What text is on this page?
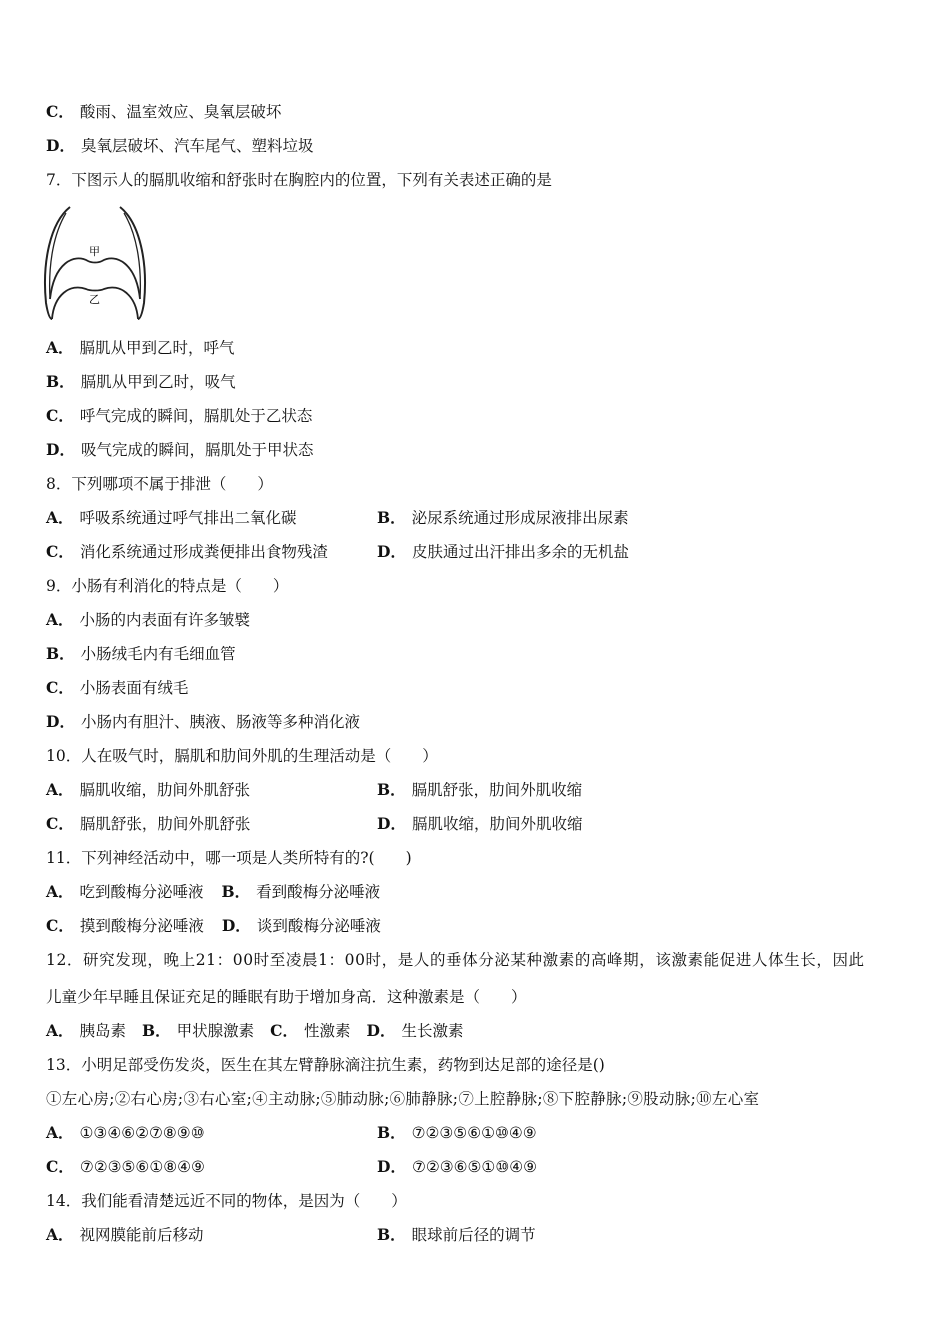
C． 酸雨、温室效应、臭氧层破坏
D． 臭氧层破坏、汽车尾气、塑料垃圾
7．下图示人的膈肌收缩和舒张时在胸腔内的位置，下列有关表述正确的是
甲
乙
A． 膈肌从甲到乙时，呼气
B． 膈肌从甲到乙时，吸气
C． 呼气完成的瞬间，膈肌处于乙状态
D． 吸气完成的瞬间，膈肌处于甲状态
8．下列哪项不属于排泄（　　）
A． 呼吸系统通过呼气排出二氧化碳	B． 泌尿系统通过形成尿液排出尿素
C． 消化系统通过形成粪便排出食物残渣	D． 皮肤通过出汗排出多余的无机盐
9．小肠有利消化的特点是（　　）
A． 小肠的内表面有许多皱襞
B． 小肠绒毛内有毛细血管
C． 小肠表面有绒毛
D． 小肠内有胆汁、胰液、肠液等多种消化液
10．人在吸气时，膈肌和肋间外肌的生理活动是（　　）
A． 膈肌收缩，肋间外肌舒张	B． 膈肌舒张，肋间外肌收缩
C． 膈肌舒张，肋间外肌舒张	D． 膈肌收缩，肋间外肌收缩
11．下列神经活动中，哪一项是人类所特有的?(　　)
A． 吃到酸梅分泌唾液 B． 看到酸梅分泌唾液
C． 摸到酸梅分泌唾液 D． 谈到酸梅分泌唾液
12．研究发现，晚上21：00时至凌晨1：00时，是人的垂体分泌某种激素的高峰期，该激素能促进人体生长，因此
儿童少年早睡且保证充足的睡眠有助于增加身高．这种激素是（　　）
A． 胰岛素 B． 甲状腺激素 C． 性激素 D． 生长激素
13．小明足部受伤发炎，医生在其左臂静脉滴注抗生素，药物到达足部的途径是()
①左心房;②右心房;③右心室;④主动脉;⑤肺动脉;⑥肺静脉;⑦上腔静脉;⑧下腔静脉;⑨股动脉;⑩左心室
A． ①③④⑥②⑦⑧⑨⑩	B． ⑦②③⑤⑥①⑩④⑨
C． ⑦②③⑤⑥①⑧④⑨	D． ⑦②③⑥⑤①⑩④⑨
14．我们能看清楚远近不同的物体，是因为（　　）
A． 视网膜能前后移动	B． 眼球前后径的调节
